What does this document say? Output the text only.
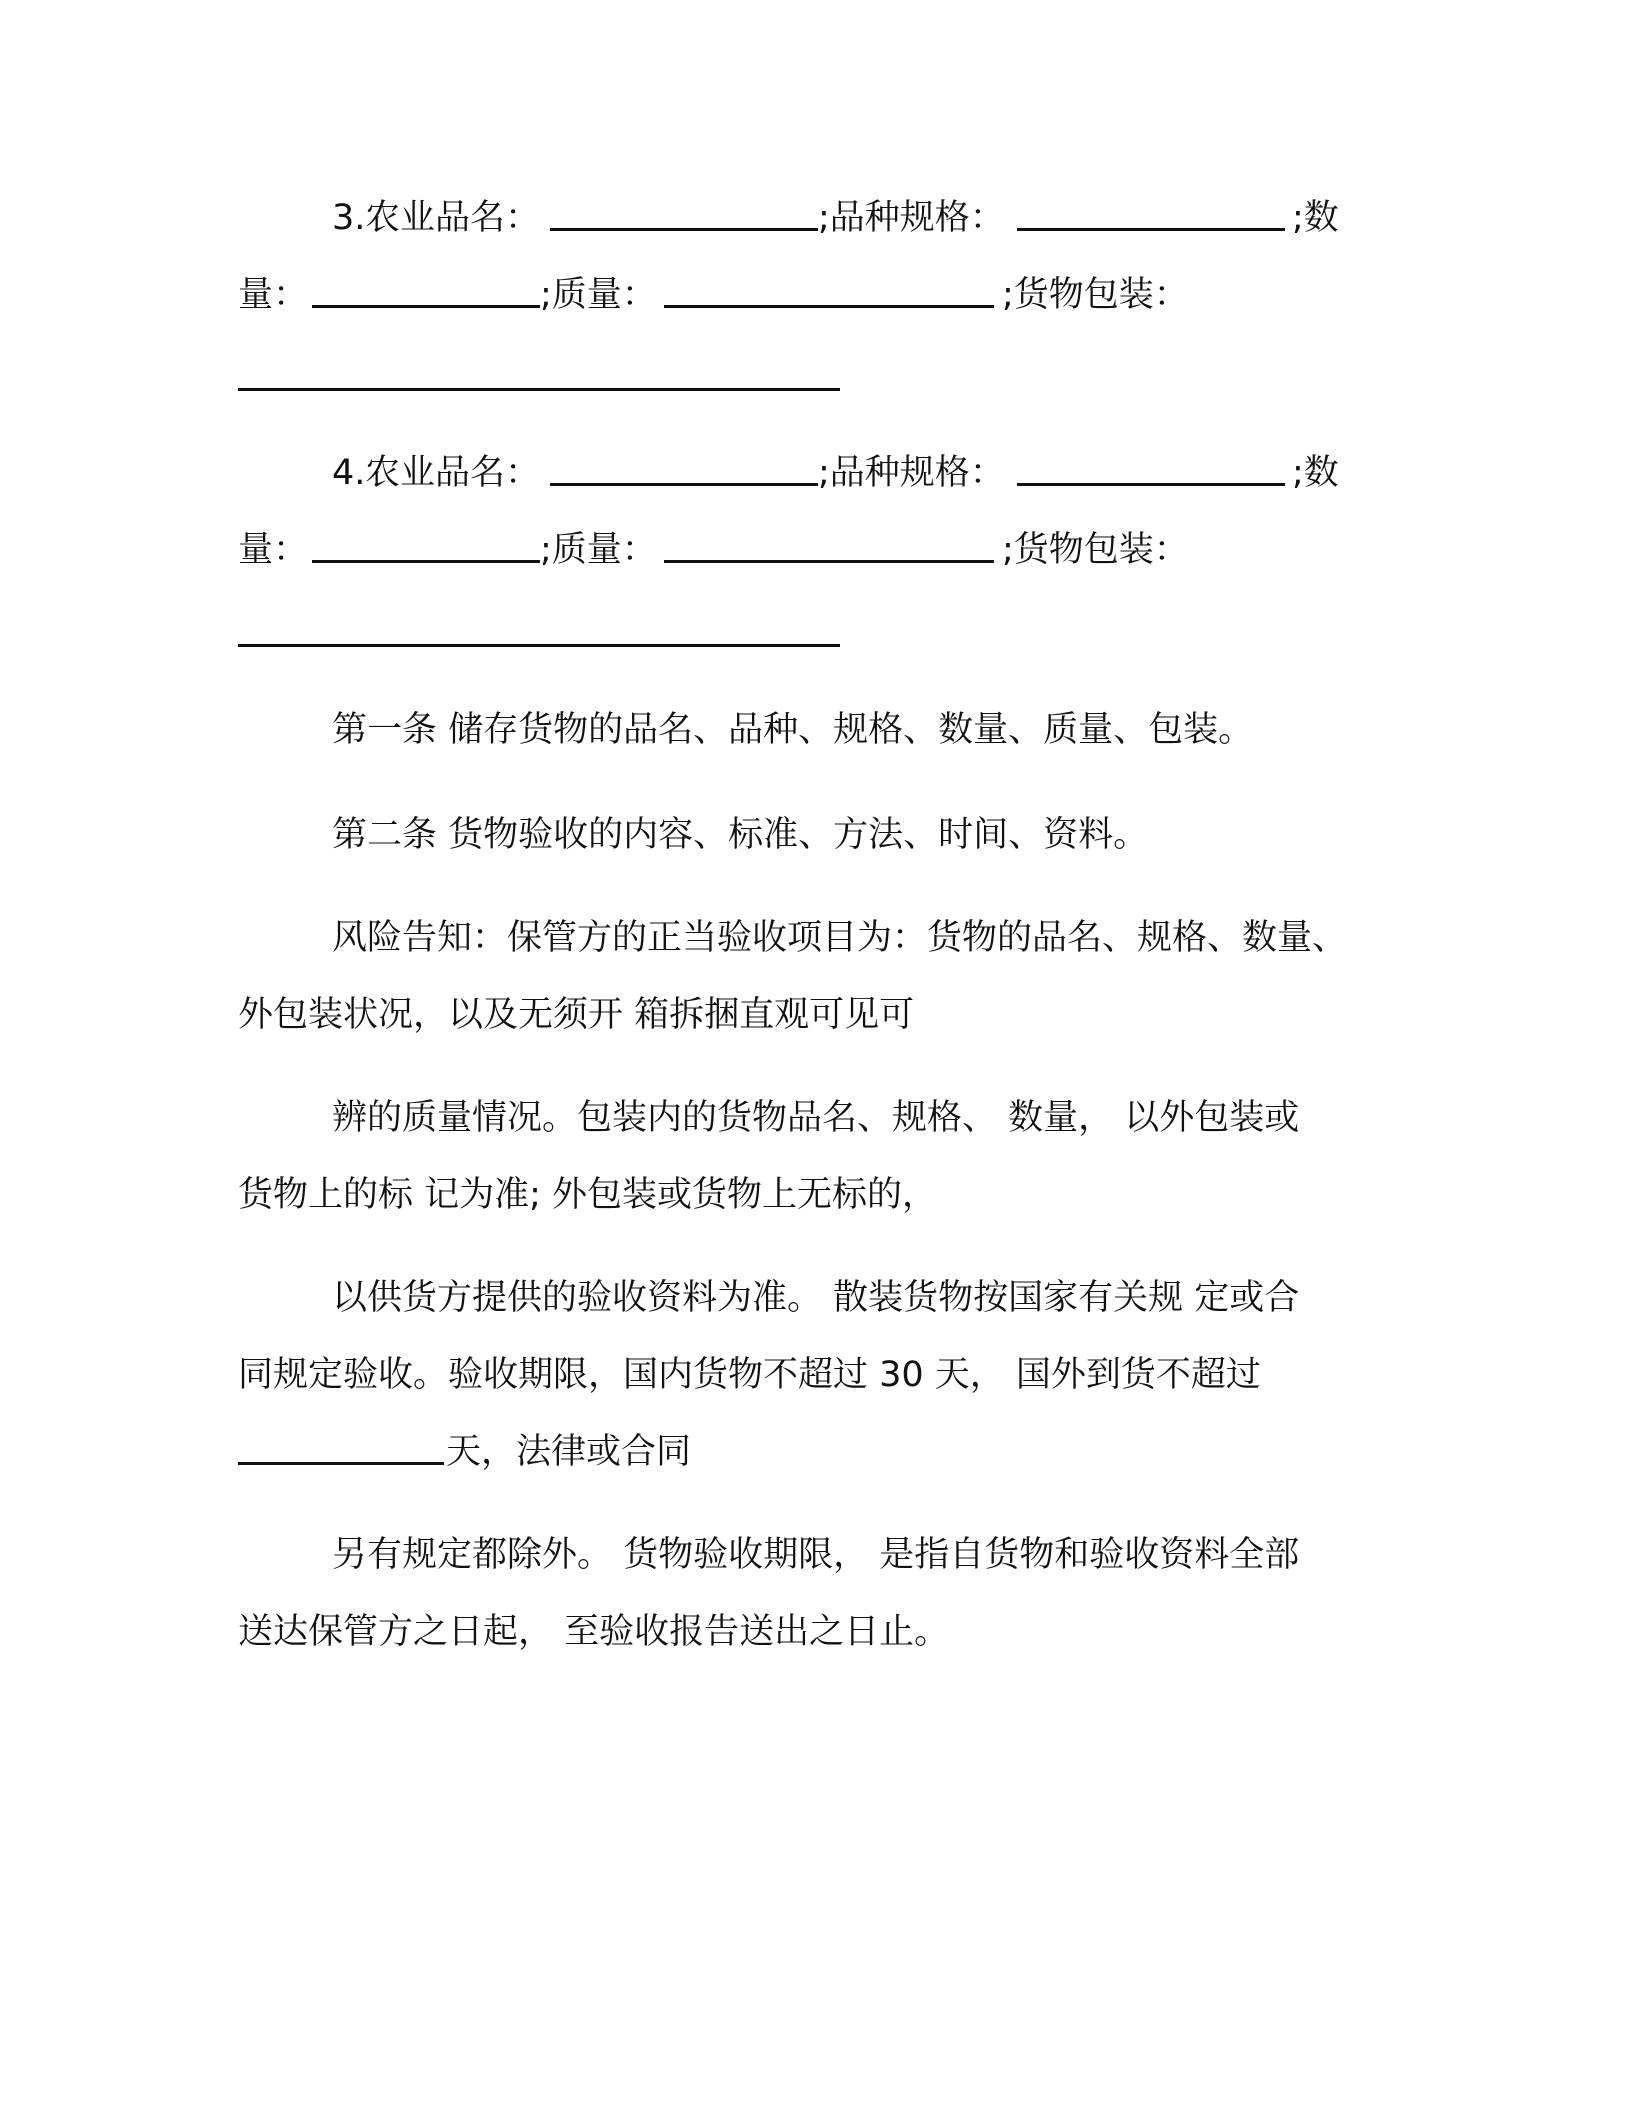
3. 农业品名：	;品种规格：	;数
量：	;质量：	;货物包装：
4. 农业品名：	;品种规格：	;数
量：	;质量：	;货物包装：
第一条 储存货物的品名、品种、规格、数量、质量、包装。
第二条 货物验收的内容、标准、方法、时间、资料。
风险告知：保管方的正当验收项目为：货物的品名、规格、数量、
外包装状况，以及无须开 箱拆捆直观可见可
辨的质量情况。包装内的货物品名、规格、 数量， 以外包装或
货物上的标 记为准; 外包装或货物上无标的，
以供货方提供的验收资料为准。 散装货物按国家有关规 定或合
同规定验收。验收期限，国内货物不超过 30 天， 国外到货不超过
天，法律或合同
另有规定都除外。 货物验收期限， 是指自货物和验收资料全部
送达保管方之日起， 至验收报告送出之日止。
